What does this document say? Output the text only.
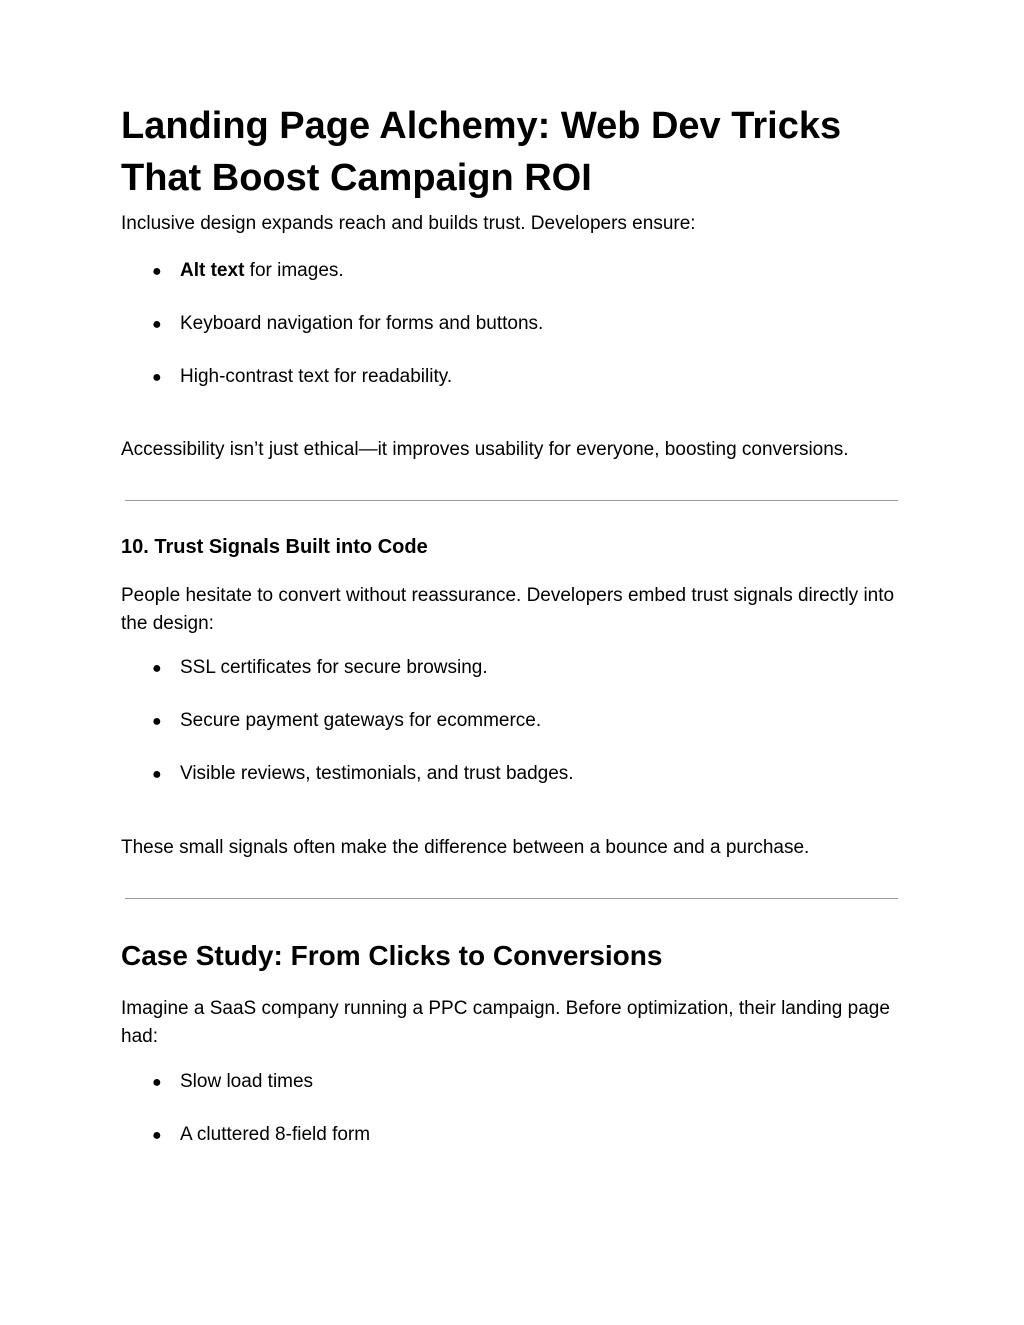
Landing Page Alchemy: Web Dev Tricks That Boost Campaign ROI

Inclusive design expands reach and builds trust. Developers ensure:

● Alt text for images.
● Keyboard navigation for forms and buttons.
● High-contrast text for readability.

Accessibility isn’t just ethical—it improves usability for everyone, boosting conversions.

10. Trust Signals Built into Code

People hesitate to convert without reassurance. Developers embed trust signals directly into the design:

● SSL certificates for secure browsing.
● Secure payment gateways for ecommerce.
● Visible reviews, testimonials, and trust badges.

These small signals often make the difference between a bounce and a purchase.

Case Study: From Clicks to Conversions

Imagine a SaaS company running a PPC campaign. Before optimization, their landing page had:

● Slow load times
● A cluttered 8-field form
